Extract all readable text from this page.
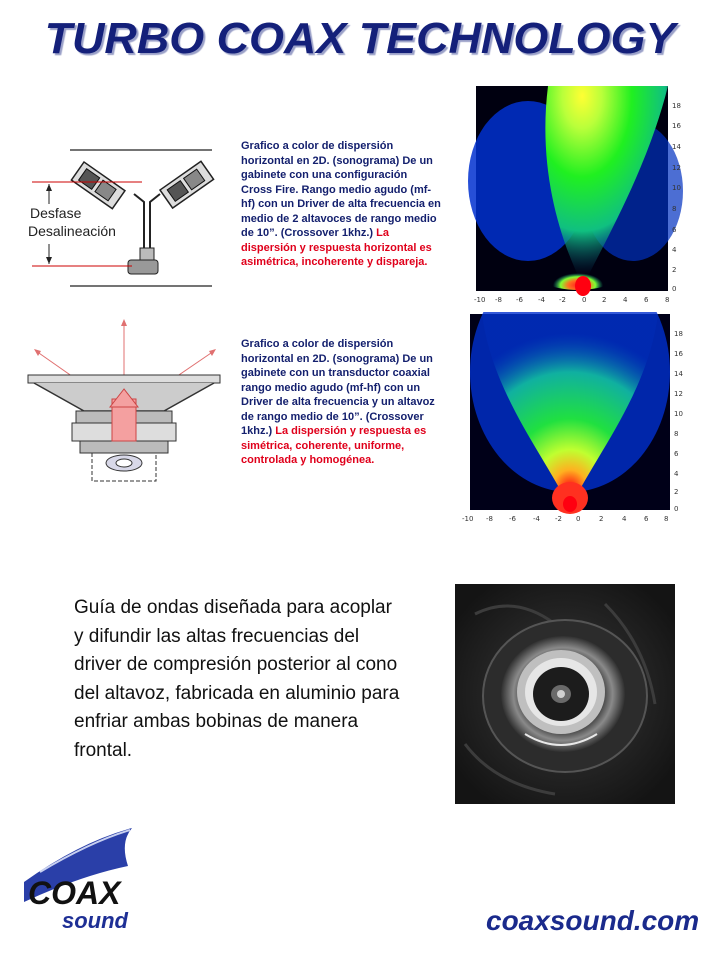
TURBO COAX TECHNOLOGY
Desfase
Desalineación
Grafico a color de dispersión horizontal en 2D. (sonograma) De un gabinete con una configuración Cross Fire. Rango medio agudo (mf-hf) con un Driver de alta frecuencia en medio de 2 altavoces de rango medio de 10”. (Crossover 1khz.) La dispersión y respuesta horizontal es asimétrica, incoherente y dispareja.
18
16
14
12
10
8
6
4
2
0
-10 -8 -6 -4 -2 0 2 4 6 8
Grafico a color de dispersión horizontal en 2D. (sonograma) De un gabinete con un transductor coaxial rango medio agudo (mf-hf) con un Driver de alta frecuencia y un altavoz de rango medio de 10”. (Crossover 1khz.) La dispersión y respuesta es simétrica, coherente, uniforme, controlada y homogénea.
18
16
14
12
10
8
6
4
2
0
-10 -8 -6 -4 -2 0	2	4	6 8
Guía de ondas diseñada para acoplar y difundir las altas frecuencias del driver de compresión posterior al cono del altavoz, fabricada en aluminio para enfriar ambas bobinas de manera frontal.
COAX
sound	coaxsound.com
